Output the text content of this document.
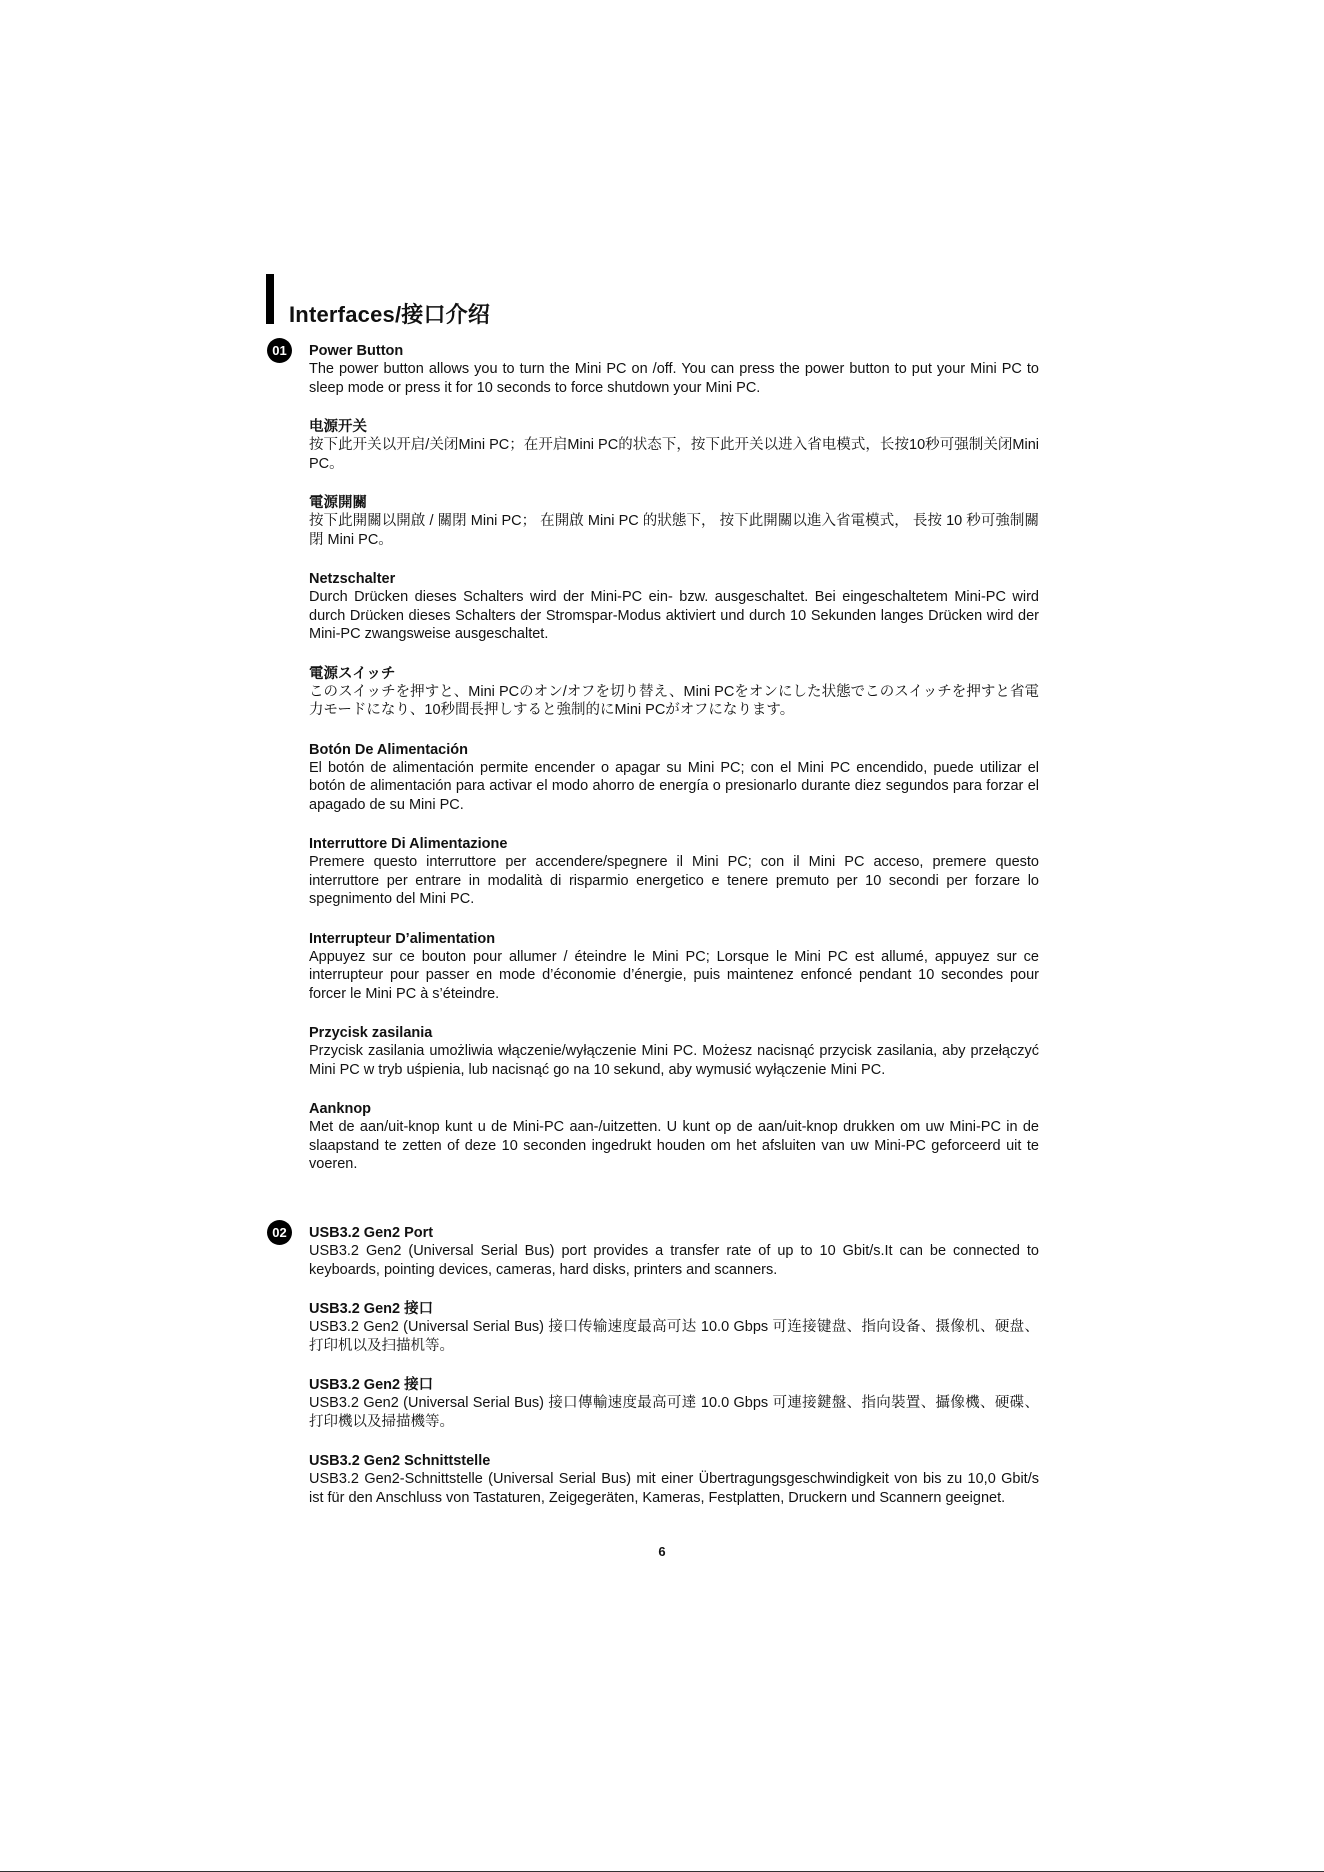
Interfaces/接口介绍
01	Power Button
The power button allows you to turn the Mini PC on /off. You can press the power button to put your Mini PC to sleep mode or press it for 10 seconds to force shutdown your Mini PC.
电源开关
按下此开关以开启/关闭Mini PC；在开启Mini PC的状态下，按下此开关以进入省电模式，长按10秒可强制关闭Mini PC。
電源開關
按下此開關以開啟 / 關閉 Mini PC； 在開啟 Mini PC 的狀態下， 按下此開關以進入省電模式， 長按 10 秒可強制關閉 Mini PC。
Netzschalter
Durch Drücken dieses Schalters wird der Mini-PC ein- bzw. ausgeschaltet. Bei eingeschaltetem Mini-PC wird durch Drücken dieses Schalters der Stromspar-Modus aktiviert und durch 10 Sekunden langes Drücken wird der Mini-PC zwangsweise ausgeschaltet.
電源スイッチ
このスイッチを押すと、Mini PCのオン/オフを切り替え、Mini PCをオンにした状態でこのスイッチを押すと省電力モードになり、10秒間長押しすると強制的にMini PCがオフになります。
Botón De Alimentación
El botón de alimentación permite encender o apagar su Mini PC; con el Mini PC encendido, puede utilizar el botón de alimentación para activar el modo ahorro de energía o presionarlo durante diez segundos para forzar el apagado de su Mini PC.
Interruttore Di Alimentazione
Premere questo interruttore per accendere/spegnere il Mini PC; con il Mini PC acceso, premere questo interruttore per entrare in modalità di risparmio energetico e tenere premuto per 10 secondi per forzare lo spegnimento del Mini PC.
Interrupteur D’alimentation
Appuyez sur ce bouton pour allumer / éteindre le Mini PC; Lorsque le Mini PC est allumé, appuyez sur ce interrupteur pour passer en mode d’économie d’énergie, puis maintenez enfoncé pendant 10 secondes pour forcer le Mini PC à s’éteindre.
Przycisk zasilania
Przycisk zasilania umożliwia włączenie/wyłączenie Mini PC. Możesz nacisnąć przycisk zasilania, aby przełączyć Mini PC w tryb uśpienia, lub nacisnąć go na 10 sekund, aby wymusić wyłączenie Mini PC.
Aanknop
Met de aan/uit-knop kunt u de Mini-PC aan-/uitzetten. U kunt op de aan/uit-knop drukken om uw Mini-PC in de slaapstand te zetten of deze 10 seconden ingedrukt houden om het afsluiten van uw Mini-PC geforceerd uit te voeren.
02	USB3.2 Gen2 Port
USB3.2 Gen2 (Universal Serial Bus) port provides a transfer rate of up to 10 Gbit/s.It can be connected to keyboards, pointing devices, cameras, hard disks, printers and scanners.
USB3.2 Gen2 接口
USB3.2 Gen2 (Universal Serial Bus) 接口传输速度最高可达 10.0 Gbps 可连接键盘、指向设备、摄像机、硬盘、打印机以及扫描机等。
USB3.2 Gen2 接口
USB3.2 Gen2 (Universal Serial Bus) 接口傳輸速度最高可達 10.0 Gbps 可連接鍵盤、指向裝置、攝像機、硬碟、打印機以及掃描機等。
USB3.2 Gen2 Schnittstelle
USB3.2 Gen2-Schnittstelle (Universal Serial Bus) mit einer Übertragungsgeschwindigkeit von bis zu 10,0 Gbit/s ist für den Anschluss von Tastaturen, Zeigegeräten, Kameras, Festplatten, Druckern und Scannern geeignet.
6
